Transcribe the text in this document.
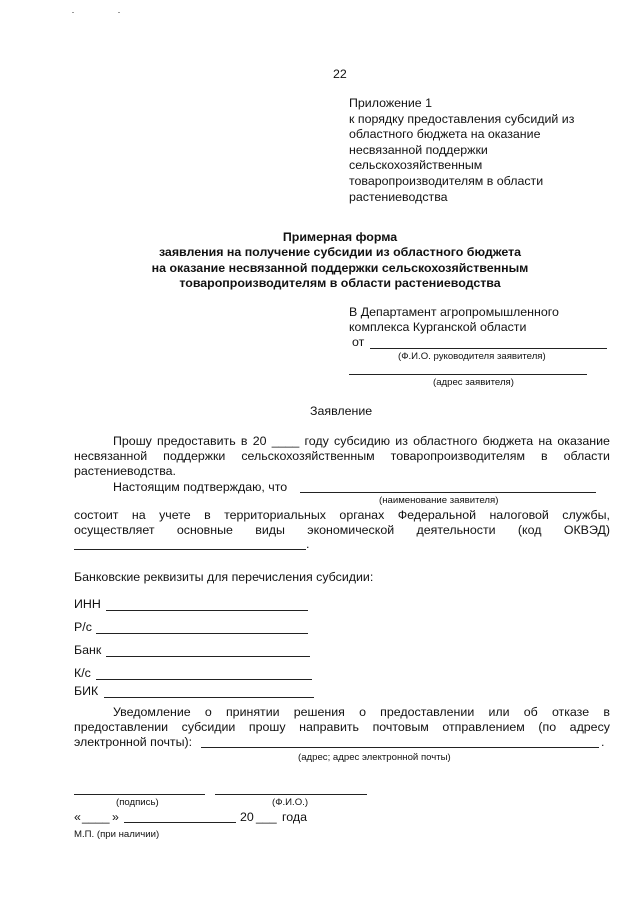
22
Приложение 1
к порядку предоставления субсидий из
областного бюджета на оказание
несвязанной поддержки
сельскохозяйственным
товаропроизводителям в области
растениеводства
Примерная форма
заявления на получение субсидии из областного бюджета
на оказание несвязанной поддержки сельскохозяйственным
товаропроизводителям в области растениеводства
В Департамент агропромышленного
комплекса Курганской области
от
(Ф.И.О. руководителя заявителя)
(адрес заявителя)
Заявление
Прошу предоставить в 20 ____ году субсидию из областного бюджета на оказание
несвязанной поддержки сельскохозяйственным товаропроизводителям в области
растениеводства.
Настоящим подтверждаю, что
(наименование заявителя)
состоит на учете в территориальных органах Федеральной налоговой службы,
осуществляет основные виды экономической деятельности (код ОКВЭД)
.
Банковские реквизиты для перечисления субсидии:
ИНН
Р/с
Банк
К/с
БИК
Уведомление о принятии решения о предоставлении или об отказе в
предоставлении субсидии прошу направить почтовым отправлением (по адресу
электронной почты):	.
(адрес; адрес электронной почты)
(подпись)	(Ф.И.О.)
« ____ »	20 ___ года
М.П. (при наличии)
